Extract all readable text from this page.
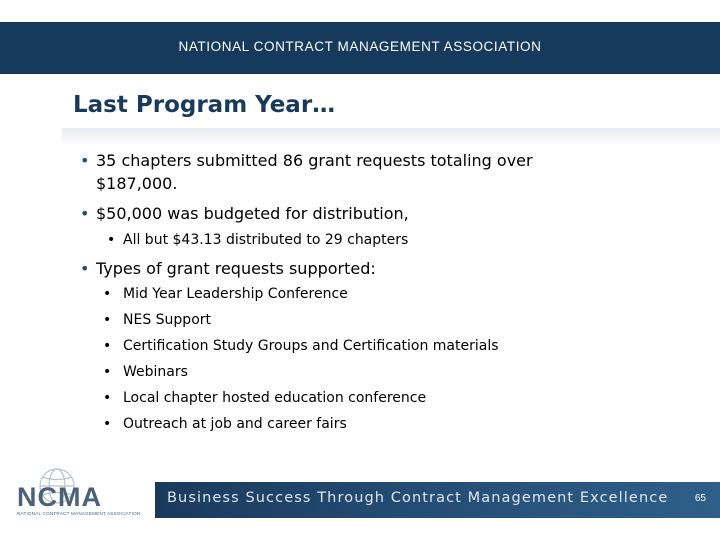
NATIONAL CONTRACT MANAGEMENT ASSOCIATION
Last Program Year…
• 35 chapters submitted 86 grant requests totaling over
$187,000.
• $50,000 was budgeted for distribution,
• All but $43.13 distributed to 29 chapters
• Types of grant requests supported:
• Mid Year Leadership Conference
• NES Support
• Certification Study Groups and Certification materials
• Webinars
• Local chapter hosted education conference
• Outreach at job and career fairs
NCMA
NATIONAL CONTRACT MANAGEMENT ASSOCIATION
Business Success Through Contract Management Excellence	65
